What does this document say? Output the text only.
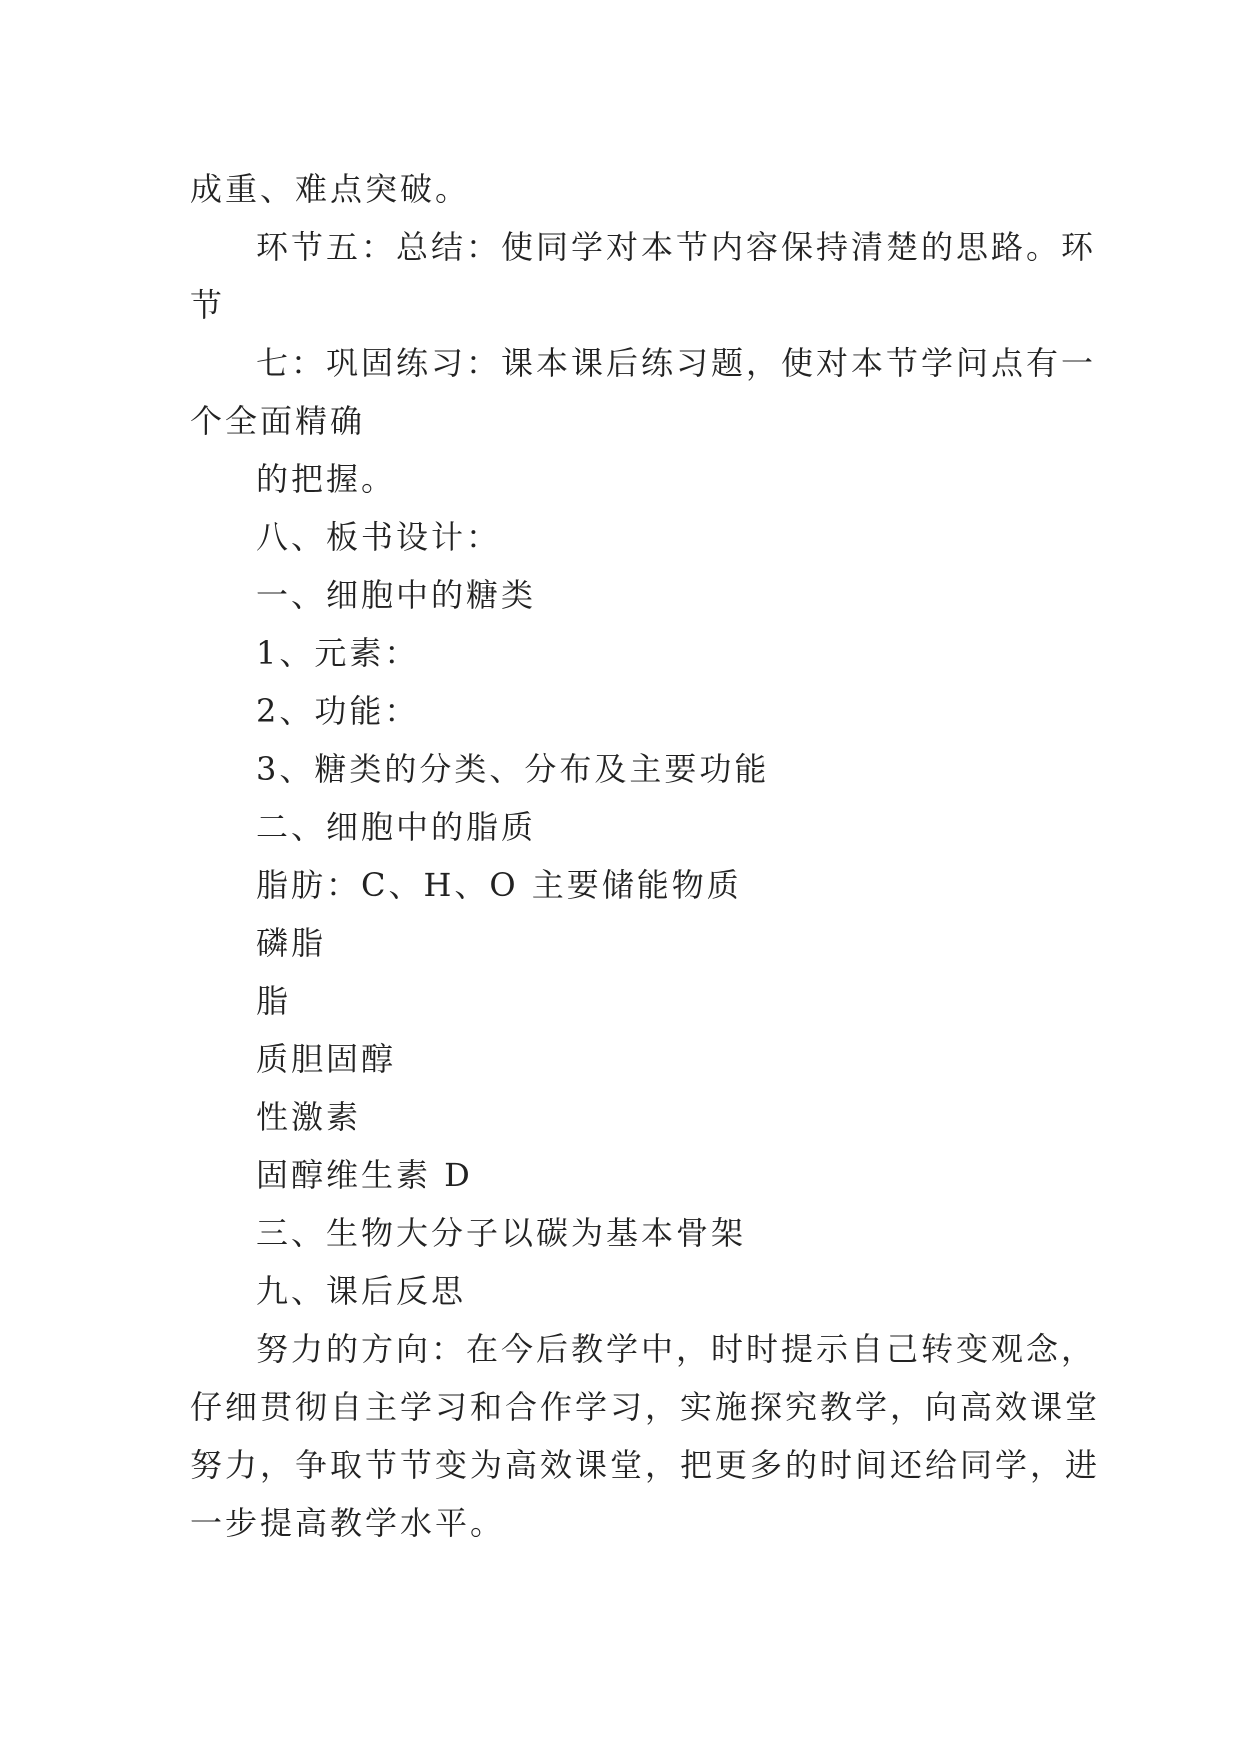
成重、难点突破。
环节五：总结：使同学对本节内容保持清楚的思路。环
节
七：巩固练习：课本课后练习题，使对本节学问点有一
个全面精确
的把握。
八、板书设计：
一、细胞中的糖类
1、元素：
2、功能：
3、糖类的分类、分布及主要功能
二、细胞中的脂质
脂肪：C、H、O 主要储能物质
磷脂
脂
质胆固醇
性激素
固醇维生素 D
三、生物大分子以碳为基本骨架
九、课后反思
努力的方向：在今后教学中，时时提示自己转变观念，
仔细贯彻自主学习和合作学习，实施探究教学，向高效课堂
努力，争取节节变为高效课堂，把更多的时间还给同学，进
一步提高教学水平。
